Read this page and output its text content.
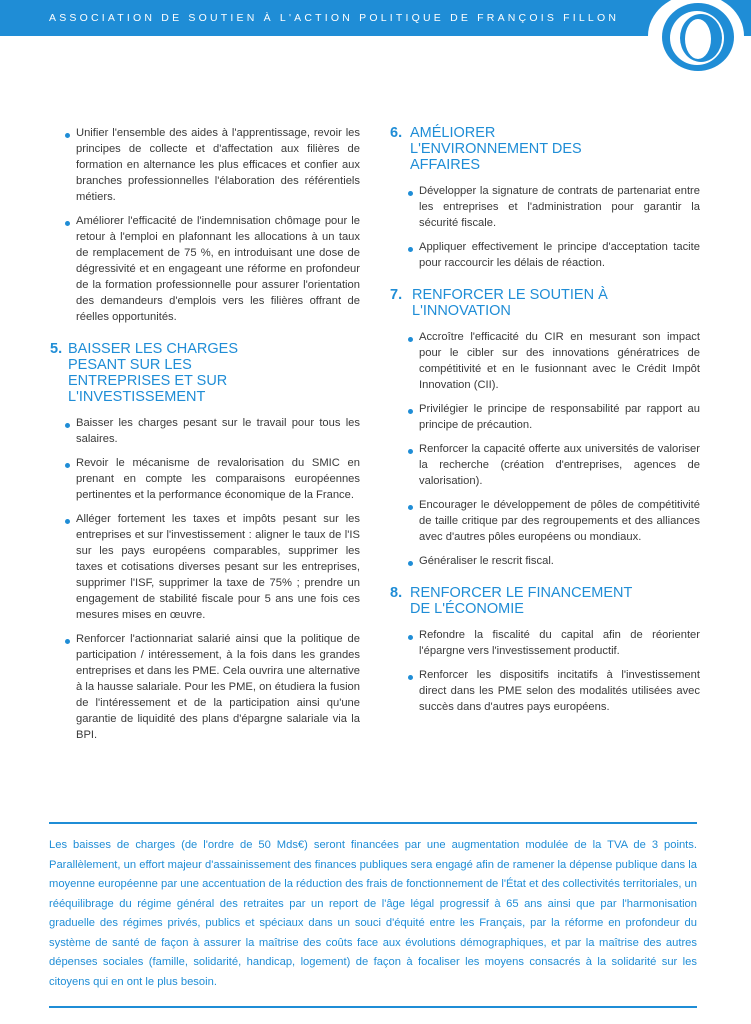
ASSOCIATION DE SOUTIEN À L'ACTION POLITIQUE DE FRANÇOIS FILLON
Unifier l'ensemble des aides à l'apprentissage, revoir les principes de collecte et d'affectation aux filières de formation en alternance les plus efficaces et confier aux branches professionnelles l'élaboration des référentiels métiers.
Améliorer l'efficacité de l'indemnisation chômage pour le retour à l'emploi en plafonnant les allocations à un taux de remplacement de 75 %, en introduisant une dose de dégressivité et en engageant une réforme en profondeur de la formation professionnelle pour assurer l'orientation des demandeurs d'emplois vers les filières offrant de réelles opportunités.
5. BAISSER LES CHARGES PESANT SUR LES ENTREPRISES ET SUR L'INVESTISSEMENT
Baisser les charges pesant sur le travail pour tous les salaires.
Revoir le mécanisme de revalorisation du SMIC en prenant en compte les comparaisons européennes pertinentes et la performance économique de la France.
Alléger fortement les taxes et impôts pesant sur les entreprises et sur l'investissement : aligner le taux de l'IS sur les pays européens comparables, supprimer les taxes et cotisations diverses pesant sur les entreprises, supprimer l'ISF, supprimer la taxe de 75% ; prendre un engagement de stabilité fiscale pour 5 ans une fois ces mesures mises en œuvre.
Renforcer l'actionnariat salarié ainsi que la politique de participation / intéressement, à la fois dans les grandes entreprises et dans les PME. Cela ouvrira une alternative à la hausse salariale. Pour les PME, on étudiera la fusion de l'intéressement et de la participation ainsi qu'une garantie de liquidité des plans d'épargne salariale via la BPI.
6. AMÉLIORER L'ENVIRONNEMENT DES AFFAIRES
Développer la signature de contrats de partenariat entre les entreprises et l'administration pour garantir la sécurité fiscale.
Appliquer effectivement le principe d'acceptation tacite pour raccourcir les délais de réaction.
7. RENFORCER LE SOUTIEN À L'INNOVATION
Accroître l'efficacité du CIR en mesurant son impact pour le cibler sur des innovations génératrices de compétitivité et en le fusionnant avec le Crédit Impôt Innovation (CII).
Privilégier le principe de responsabilité par rapport au principe de précaution.
Renforcer la capacité offerte aux universités de valoriser la recherche (création d'entreprises, agences de valorisation).
Encourager le développement de pôles de compétitivité de taille critique par des regroupements et des alliances avec d'autres pôles européens ou mondiaux.
Généraliser le rescrit fiscal.
8. RENFORCER LE FINANCEMENT DE L'ÉCONOMIE
Refondre la fiscalité du capital afin de réorienter l'épargne vers l'investissement productif.
Renforcer les dispositifs incitatifs à l'investissement direct dans les PME selon des modalités utilisées avec succès dans d'autres pays européens.
Les baisses de charges (de l'ordre de 50 Mds€) seront financées par une augmentation modulée de la TVA de 3 points. Parallèlement, un effort majeur d'assainissement des finances publiques sera engagé afin de ramener la dépense publique dans la moyenne européenne par une accentuation de la réduction des frais de fonctionnement de l'État et des collectivités territoriales, un rééquilibrage du régime général des retraites par un report de l'âge légal progressif à 65 ans ainsi que par l'harmonisation graduelle des régimes privés, publics et spéciaux dans un souci d'équité entre les Français, par la réforme en profondeur du système de santé de façon à assurer la maîtrise des coûts face aux évolutions démographiques, et par la maîtrise des autres dépenses sociales (famille, solidarité, handicap, logement) de façon à focaliser les moyens consacrés à la solidarité sur les citoyens qui en ont le plus besoin.
